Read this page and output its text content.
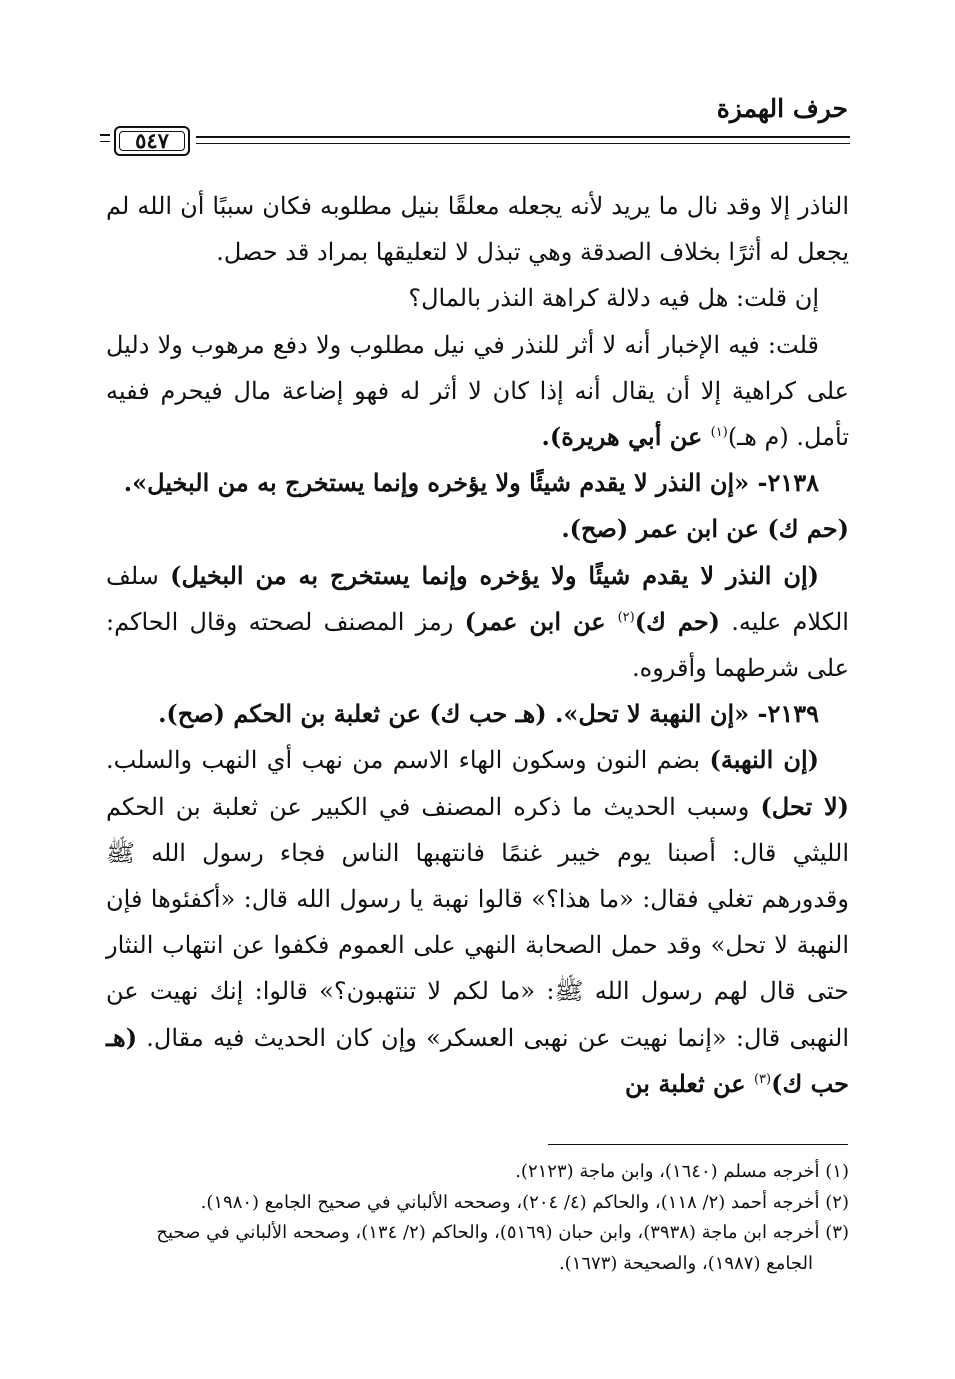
حرف الهمزة
٥٤٧

الناذر إلا وقد نال ما يريد لأنه يجعله معلقًا بنيل مطلوبه فكان سببًا أن الله لم يجعل له أثرًا بخلاف الصدقة وهي تبذل لا لتعليقها بمراد قد حصل.

إن قلت: هل فيه دلالة كراهة النذر بالمال؟

قلت: فيه الإخبار أنه لا أثر للنذر في نيل مطلوب ولا دفع مرهوب ولا دليل على كراهية إلا أن يقال أنه إذا كان لا أثر له فهو إضاعة مال فيحرم ففيه تأمل. (م هـ)$^{(١)}$ عن أبي هريرة).

٢١٣٨- «إن النذر لا يقدم شيئًا ولا يؤخره وإنما يستخرج به من البخيل».

(حم ك) عن ابن عمر (صح).

(إن النذر لا يقدم شيئًا ولا يؤخره وإنما يستخرج به من البخيل) سلف الكلام عليه. (حم ك)$^{(٢)}$ عن ابن عمر) رمز المصنف لصحته وقال الحاكم: على شرطهما وأقروه.

٢١٣٩- «إن النهبة لا تحل». (هـ حب ك) عن ثعلبة بن الحكم (صح).

(إن النهبة) بضم النون وسكون الهاء الاسم من نهب أي النهب والسلب. (لا تحل) وسبب الحديث ما ذكره المصنف في الكبير عن ثعلبة بن الحكم الليثي قال: أصبنا يوم خيبر غنمًا فانتهبها الناس فجاء رسول الله ﷺ وقدورهم تغلي فقال: «ما هذا؟» قالوا نهبة يا رسول الله قال: «أكفئوها فإن النهبة لا تحل» وقد حمل الصحابة النهي على العموم فكفوا عن انتهاب النثار حتى قال لهم رسول الله ﷺ: «ما لكم لا تنتهبون؟» قالوا: إنك نهيت عن النهبى قال: «إنما نهيت عن نهبى العسكر» وإن كان الحديث فيه مقال. (هـ حب ك)$^{(٣)}$ عن ثعلبة بن

(١) أخرجه مسلم (١٦٤٠)، وابن ماجة (٢١٢٣).

(٢) أخرجه أحمد (٢/ ١١٨)، والحاكم (٤/ ٢٠٤)، وصححه الألباني في صحيح الجامع (١٩٨٠).

(٣) أخرجه ابن ماجة (٣٩٣٨)، وابن حبان (٥١٦٩)، والحاكم (٢/ ١٣٤)، وصححه الألباني في صحيح الجامع (١٩٨٧)، والصحيحة (١٦٧٣).
